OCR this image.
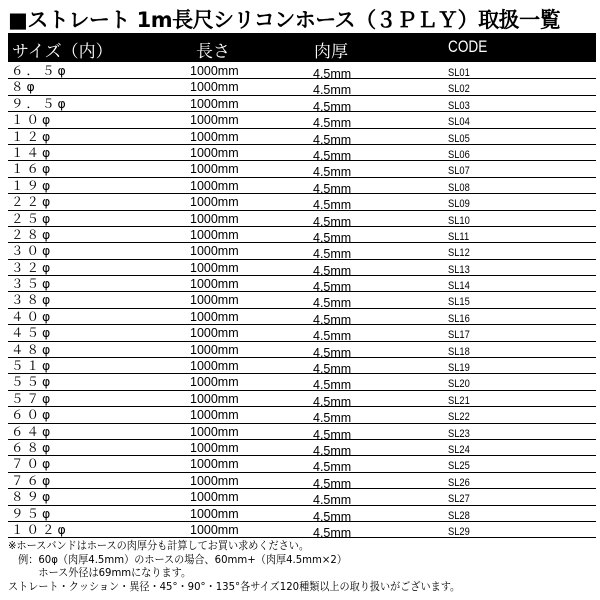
■ストレート 1m長尺シリコンホース（３ＰＬＹ）取扱一覧
サイズ（内）	長さ	肉厚	CODE
６．５φ	1000mm	4.5mm	SL01
８φ	1000mm	4.5mm	SL02
９．５φ	1000mm	4.5mm	SL03
１０φ	1000mm	4.5mm	SL04
１２φ	1000mm	4.5mm	SL05
１４φ	1000mm	4.5mm	SL06
１６φ	1000mm	4.5mm	SL07
１９φ	1000mm	4.5mm	SL08
２２φ	1000mm	4.5mm	SL09
２５φ	1000mm	4.5mm	SL10
２８φ	1000mm	4.5mm	SL11
３０φ	1000mm	4.5mm	SL12
３２φ	1000mm	4.5mm	SL13
３５φ	1000mm	4.5mm	SL14
３８φ	1000mm	4.5mm	SL15
４０φ	1000mm	4.5mm	SL16
４５φ	1000mm	4.5mm	SL17
４８φ	1000mm	4.5mm	SL18
５１φ	1000mm	4.5mm	SL19
５５φ	1000mm	4.5mm	SL20
５７φ	1000mm	4.5mm	SL21
６０φ	1000mm	4.5mm	SL22
６４φ	1000mm	4.5mm	SL23
６８φ	1000mm	4.5mm	SL24
７０φ	1000mm	4.5mm	SL25
７６φ	1000mm	4.5mm	SL26
８９φ	1000mm	4.5mm	SL27
９５φ	1000mm	4.5mm	SL28
１０２φ	1000mm	4.5mm	SL29
※ホースバンドはホースの肉厚分も計算してお買い求めください。
　例：60φ（肉厚4.5mm）のホースの場合、60mm+（肉厚4.5mm×2）
　　　ホース外径は69mmになります。
ストレート・クッション・異径・45°・90°・135°各サイズ120種類以上の取り扱いがございます。
